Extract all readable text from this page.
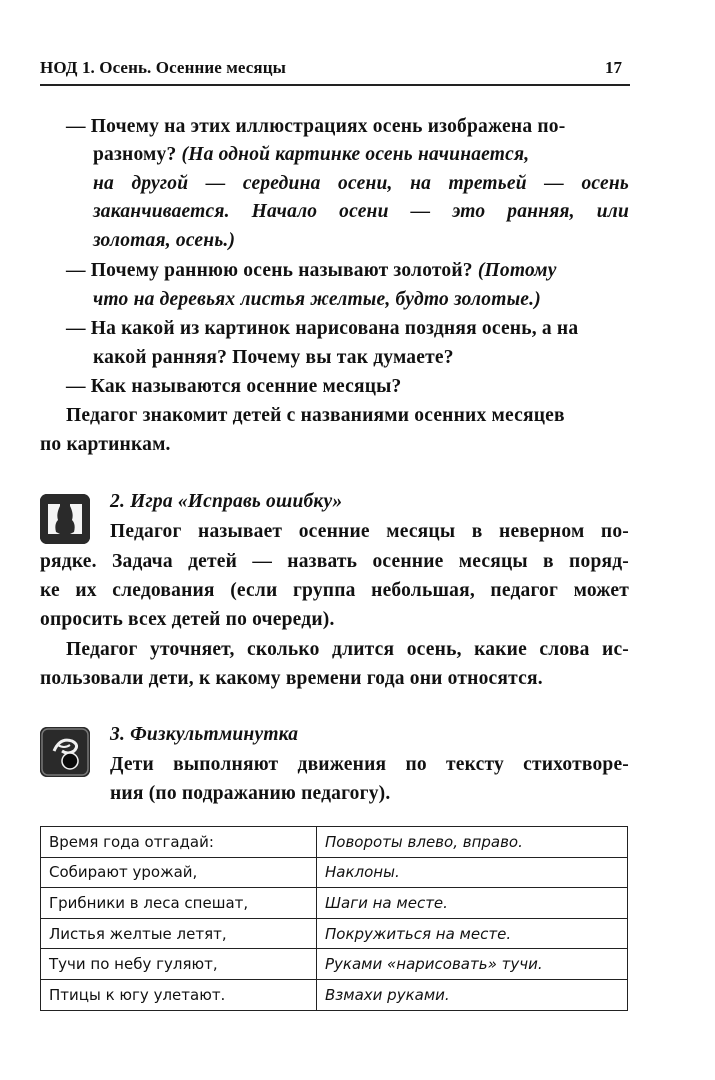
НОД 1. Осень. Осенние месяцы	17
— Почему на этих иллюстрациях осень изображена по-
разному? (На одной картинке осень начинается,
на другой — середина осени, на третьей — осень
заканчивается. Начало осени — это ранняя, или
золотая, осень.)
— Почему раннюю осень называют золотой? (Потому
что на деревьях листья желтые, будто золотые.)
— На какой из картинок нарисована поздняя осень, а на
какой ранняя? Почему вы так думаете?
— Как называются осенние месяцы?
Педагог знакомит детей с названиями осенних месяцев
по картинкам.
2. Игра «Исправь ошибку»
Педагог называет осенние месяцы в неверном по-
рядке. Задача детей — назвать осенние месяцы в поряд-
ке их следования (если группа небольшая, педагог может
опросить всех детей по очереди).
Педагог уточняет, сколько длится осень, какие слова ис-
пользовали дети, к какому времени года они относятся.
3. Физкультминутка
Дети выполняют движения по тексту стихотворе-
ния (по подражанию педагогу).
Время года отгадай:	Повороты влево, вправо.
Собирают урожай,	Наклоны.
Грибники в леса спешат,	Шаги на месте.
Листья желтые летят,	Покружиться на месте.
Тучи по небу гуляют,	Руками «нарисовать» тучи.
Птицы к югу улетают.	Взмахи руками.
